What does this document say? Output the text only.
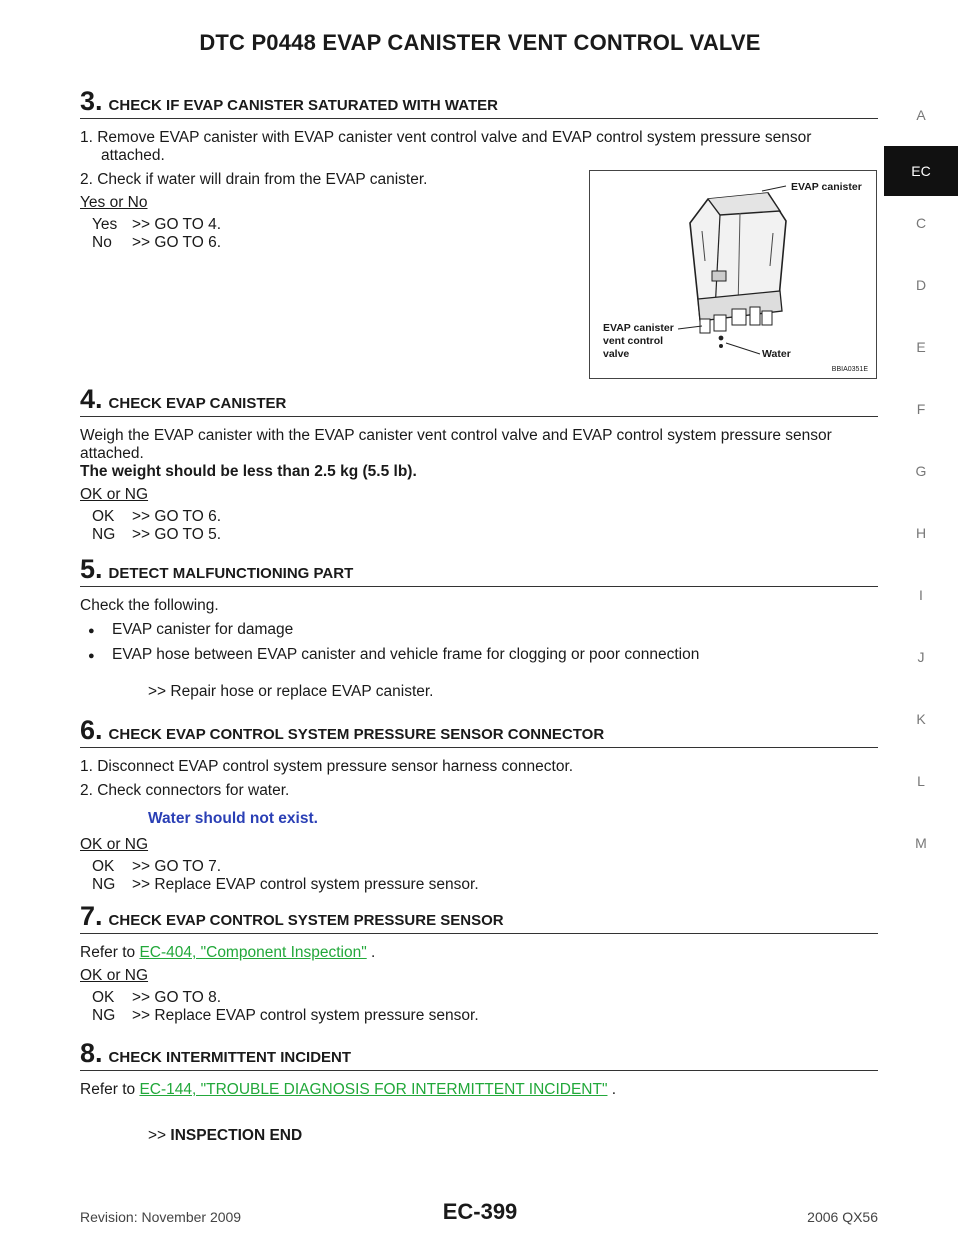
DTC P0448 EVAP CANISTER VENT CONTROL VALVE
A
EC
C
D
E
F
G
H
I
J
K
L
M
3. CHECK IF EVAP CANISTER SATURATED WITH WATER

1. Remove EVAP canister with EVAP canister vent control valve and EVAP control system pressure sensor

attached.

2. Check if water will drain from the EVAP canister.

Yes or No
Yes >> GO TO 4.
No	>> GO TO 6.
EVAP canister
EVAP canister
vent control
valve	Water
BBIA0351E
4. CHECK EVAP CANISTER

Weigh the EVAP canister with the EVAP canister vent control valve and EVAP control system pressure sensor

attached.

The weight should be less than 2.5 kg (5.5 lb).
OK or NG
OK	>> GO TO 6.
NG	>> GO TO 5.
5. DETECT MALFUNCTIONING PART

Check the following.

●	EVAP canister for damage
●	EVAP hose between EVAP canister and vehicle frame for clogging or poor connection
>> Repair hose or replace EVAP canister.
6. CHECK EVAP CONTROL SYSTEM PRESSURE SENSOR CONNECTOR

1. Disconnect EVAP control system pressure sensor harness connector.

2. Check connectors for water.

Water should not exist.
OK or NG
OK	>> GO TO 7.
NG	>> Replace EVAP control system pressure sensor.
7. CHECK EVAP CONTROL SYSTEM PRESSURE SENSOR

Refer to EC-404, "Component Inspection" .

OK or NG
OK	>> GO TO 8.
NG	>> Replace EVAP control system pressure sensor.
8. CHECK INTERMITTENT INCIDENT

Refer to EC-144, "TROUBLE DIAGNOSIS FOR INTERMITTENT INCIDENT" .

>> INSPECTION END
Revision: November 2009	EC-399	2006 QX56
